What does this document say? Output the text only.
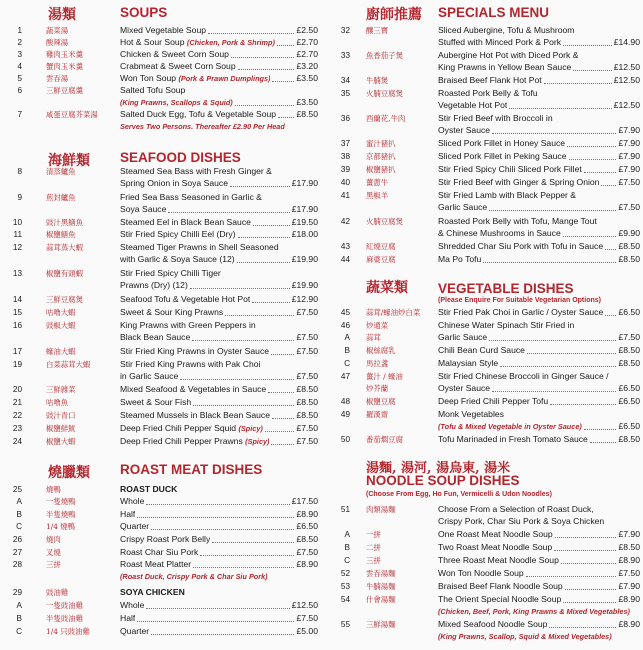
湯類	SOUPS
1	蔬菜湯	Mixed Vegetable Soup	£2.50
2	酸辣湯	Hot & Sour Soup (Chicken, Pork & Shrimp)	£2.70
3	雞肉玉米羹	Chicken & Sweet Corn Soup	£2.70
4	蟹肉玉米羹	Crabmeat & Sweet Corn Soup	£3.20
5	雲吞湯	Won Ton Soup (Pork & Prawn Dumplings)	£3.50
6	三鮮豆腐羹	Salted Tofu Soup
(King Prawns, Scallops & Squid)	£3.50
7	咸蛋豆腐芥菜湯	Salted Duck Egg, Tofu & Vegetable Soup £8.50
Serves Two Persons. Thereafter £2.90 Per Head
海鮮類 SEAFOOD DISHES
8	清蒸鱸魚	Steamed Sea Bass with Fresh Ginger &
Spring Onion in Soya Sauce	£17.90
9	煎封鱸魚	Fried Sea Bass Seasoned in Garlic &
Soya Sauce	£17.90
10	豉汁黑鱔魚	Steamed Eel in Black Bean Sauce	£19.50
11	椒鹽鱔魚	Stir Fried Spicy Chilli Eel (Dry)	£18.00
12	蒜茸蒸大蝦	Steamed Tiger Prawns in Shell Seasoned
with Garlic & Soya Sauce (12)	£19.90
13	椒鹽有頭蝦	Stir Fried Spicy Chilli Tiger
Prawns (Dry) (12)	£19.90
14	三鮮豆腐煲	Seafood Tofu & Vegetable Hot Pot	£12.90
15	咕嚕大蝦	Sweet & Sour King Prawns	£7.50
16	豉椒大蝦	King Prawns with Green Peppers in
Black Bean Sauce	£7.50
17	蠔油大蝦	Stir Fried King Prawns in Oyster Sauce	£7.50
19	白菜蒜茸大蝦	Stir Fried King Prawns with Pak Choi
in Garlic Sauce	£7.50
20	三鮮雜菜	Mixed Seafood & Vegetables in Sauce	£8.50
21	咕嚕魚	Sweet & Sour Fish	£8.50
22	豉汁青口	Steamed Mussels in Black Bean Sauce	£8.50
23	椒鹽鮮魷	Deep Fried Chili Pepper Squid (Spicy)	£7.50
24	椒鹽大蝦	Deep Fried Chili Pepper Prawns (Spicy)	£7.50
燒臘類 ROAST MEAT DISHES
25	燒鴨	ROAST DUCK
A	一隻燒鴨	Whole	£17.50
B	半隻燒鴨	Half	£8.90
C	1/4 燒鴨	Quarter	£6.50
26	燒肉	Crispy Roast Pork Belly	£8.50
27	叉燒	Roast Char Siu Pork	£7.50
28	三拼	Roast Meat Platter	£8.90
(Roast Duck, Crispy Pork & Char Siu Pork)
29	豉油雞	SOYA CHICKEN
A	一隻豉油雞	Whole	£12.50
B	半隻豉油雞	Half	£7.50
C	1/4 只豉油雞	Quarter	£5.00
廚師推薦 SPECIALS MENU
32 釀三寶	Sliced Aubergine, Tofu & Mushroom
Stuffed with Minced Pork & Pork	£14.90
33 魚香茄子煲	Aubergine Hot Pot with Diced Pork &
King Prawns in Yellow Bean Sauce	£12.50
34 牛腩煲	Braised Beef Flank Hot Pot	£12.50
35 火腩豆腐煲	Roasted Pork Belly & Tofu
Vegetable Hot Pot	£12.50
36 西蘭花,牛肉	Stir Fried Beef with Broccoli in
Oyster Sauce	£7.90
37 蜜汁豬扒	Sliced Pork Fillet in Honey Sauce	£7.90
38 京都豬扒	Sliced Pork Fillet in Peking Sauce	£7.90
39 椒鹽豬扒	Stir Fried Spicy Chili Sliced Pork Fillet	£7.90
40 薑蔥牛	Stir Fried Beef with Ginger & Spring Onion £7.50
41 黑椒羊	Stir Fried Lamb with Black Pepper &
Garlic Sauce	£7.50
42 火腩豆腐煲	Roasted Pork Belly with Tofu, Mange Tout
& Chinese Mushrooms in Sauce	£9.90
43 紅燒豆腐	Shredded Char Siu Pork with Tofu in Sauce £8.50
44 麻婆豆腐	Ma Po Tofu	£8.50
蔬菜類 VEGETABLE DISHES
(Please Enquire For Suitable Vegetarian Options)
45 蒜茸/蠔油炒白菜 Stir Fried Pak Choi in Garlic / Oyster Sauce £6.50
46 炒通菜	Chinese Water Spinach Stir Fried in
A 蒜茸	Garlic Sauce	£7.50
B 椒絲腐乳	Chili Bean Curd Sauce	£8.50
C 馬拉盞	Malaysian Style	£8.50
47 薑汁 / 蠔油	Stir Fried Chinese Broccoli in Ginger Sauce /
炒芥蘭	Oyster Sauce	£6.50
48 椒鹽豆腐	Deep Fried Chili Pepper Tofu	£6.50
49 羅漢齋	Monk Vegetables
(Tofu & Mixed Vegetable in Oyster Sauce)	£6.50
50 番茄燜豆腐	Tofu Marinaded in Fresh Tomato Sauce	£8.50
湯麵, 湯河, 湯烏東, 湯米
NOODLE SOUP DISHES
(Choose From Egg, Ho Fun, Vermicelli & Udon Noodles)
51 肉類湯麵	Choose From a Selection of Roast Duck,
Crispy Pork, Char Siu Pork & Soya Chicken
A 一拼	One Roast Meat Noodle Soup	£7.90
B 二拼	Two Roast Meat Noodle Soup	£8.50
C 三拼	Three Roast Meat Noodle Soup	£8.90
52 雲吞湯麵	Won Ton Noodle Soup	£7.50
53 牛腩湯麵	Braised Beef Flank Noodle Soup	£7.90
54 什會湯麵	The Orient Special Noodle Soup	£8.90
(Chicken, Beef, Pork, King Prawns & Mixed Vegetables)
55 三鮮湯麵	Mixed Seafood Noodle Soup	£8.90
(King Prawns, Scallop, Squid & Mixed Vegetables)
